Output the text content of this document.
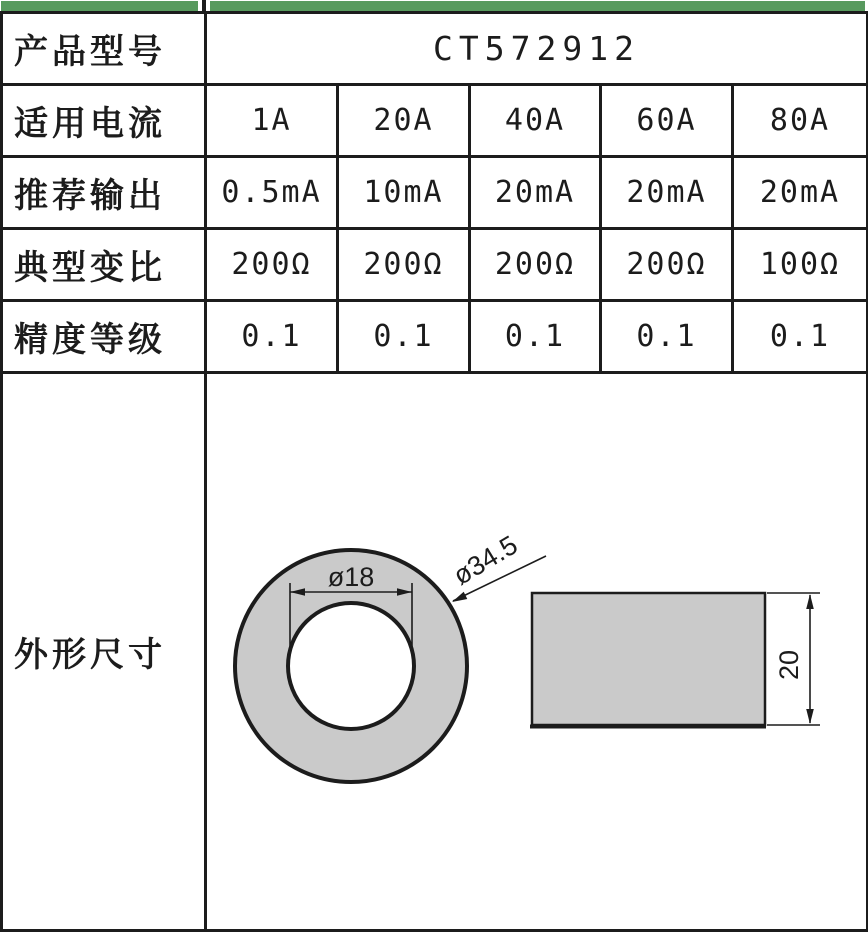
产品型号	CT572912				
适用电流	1A	20A	40A	60A	80A
推荐输出	0.5mA	10mA	20mA	20mA	20mA
典型变比	200Ω	200Ω	200Ω	200Ω	100Ω
精度等级	0.1	0.1	0.1	0.1	0.1
外形尺寸	ø18 ø34.5
20				
